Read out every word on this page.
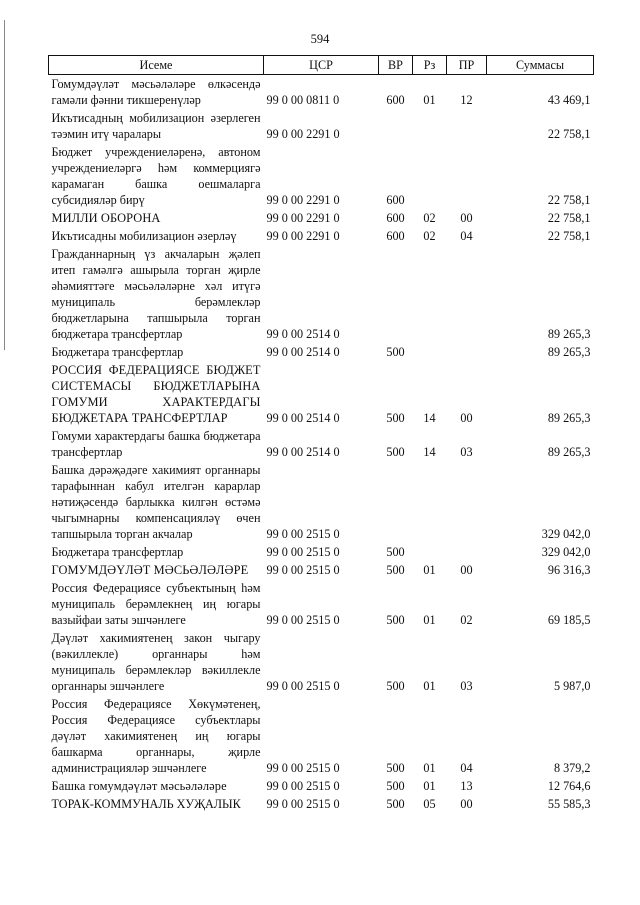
594
Исеме	ЦСР	ВР	Рз	ПР	Суммасы
Гомумдәүләт мәсьәләләре өлкәсендә гамәли фәнни тикшеренүләр	99 0 00 0811 0	600	01	12	43 469,1
Икътисадның мобилизацион әзерлеген тәэмин итү чаралары	99 0 00 2291 0				22 758,1
Бюджет учреждениеләренә, автоном учреждениеләргә һәм коммерциягә карамаган башка оешмаларга субсидияләр бирү	99 0 00 2291 0	600			22 758,1
МИЛЛИ ОБОРОНА	99 0 00 2291 0	600	02	00	22 758,1
Икътисадны мобилизацион әзерләү	99 0 00 2291 0	600	02	04	22 758,1
Гражданнарның үз акчаларын җәлеп итеп гамәлгә ашырыла торган җирле әһәмияттәге мәсьәләләрне хәл итүгә муниципаль берәмлекләр бюджетларына тапшырыла торган бюджетара трансфертлар	99 0 00 2514 0				89 265,3
Бюджетара трансфертлар	99 0 00 2514 0	500			89 265,3
РОССИЯ ФЕДЕРАЦИЯСЕ БЮДЖЕТ СИСТЕМАСЫ БЮДЖЕТЛАРЫНА ГОМУМИ ХАРАКТЕРДАГЫ БЮДЖЕТАРА ТРАНСФЕРТЛАР	99 0 00 2514 0	500	14	00	89 265,3
Гомуми характердагы башка бюджетара трансфертлар	99 0 00 2514 0	500	14	03	89 265,3
Башка дәрәҗәдәге хакимият органнары тарафыннан кабул ителгән карарлар нәтиҗәсендә барлыкка килгән өстәмә чыгымнарны компенсацияләү өчен тапшырыла торган акчалар	99 0 00 2515 0				329 042,0
Бюджетара трансфертлар	99 0 00 2515 0	500			329 042,0
ГОМУМДӘҮЛӘТ МӘСЬӘЛӘЛӘРЕ	99 0 00 2515 0	500	01	00	96 316,3
Россия Федерациясе субъектының һәм муниципаль берәмлекнең иң югары вазыйфаи заты эшчәнлеге	99 0 00 2515 0	500	01	02	69 185,5
Дәүләт хакимиятенең закон чыгару (вәкиллекле) органнары һәм муниципаль берәмлекләр вәкиллекле органнары эшчәнлеге	99 0 00 2515 0	500	01	03	5 987,0
Россия Федерациясе Хөкүмәтенең, Россия Федерациясе субъектлары дәүләт хакимиятенең иң югары башкарма органнары, җирле администрацияләр эшчәнлеге	99 0 00 2515 0	500	01	04	8 379,2
Башка гомумдәүләт мәсьәләләре	99 0 00 2515 0	500	01	13	12 764,6
ТОРАК-КОММУНАЛЬ ХУҖАЛЫК	99 0 00 2515 0	500	05	00	55 585,3
